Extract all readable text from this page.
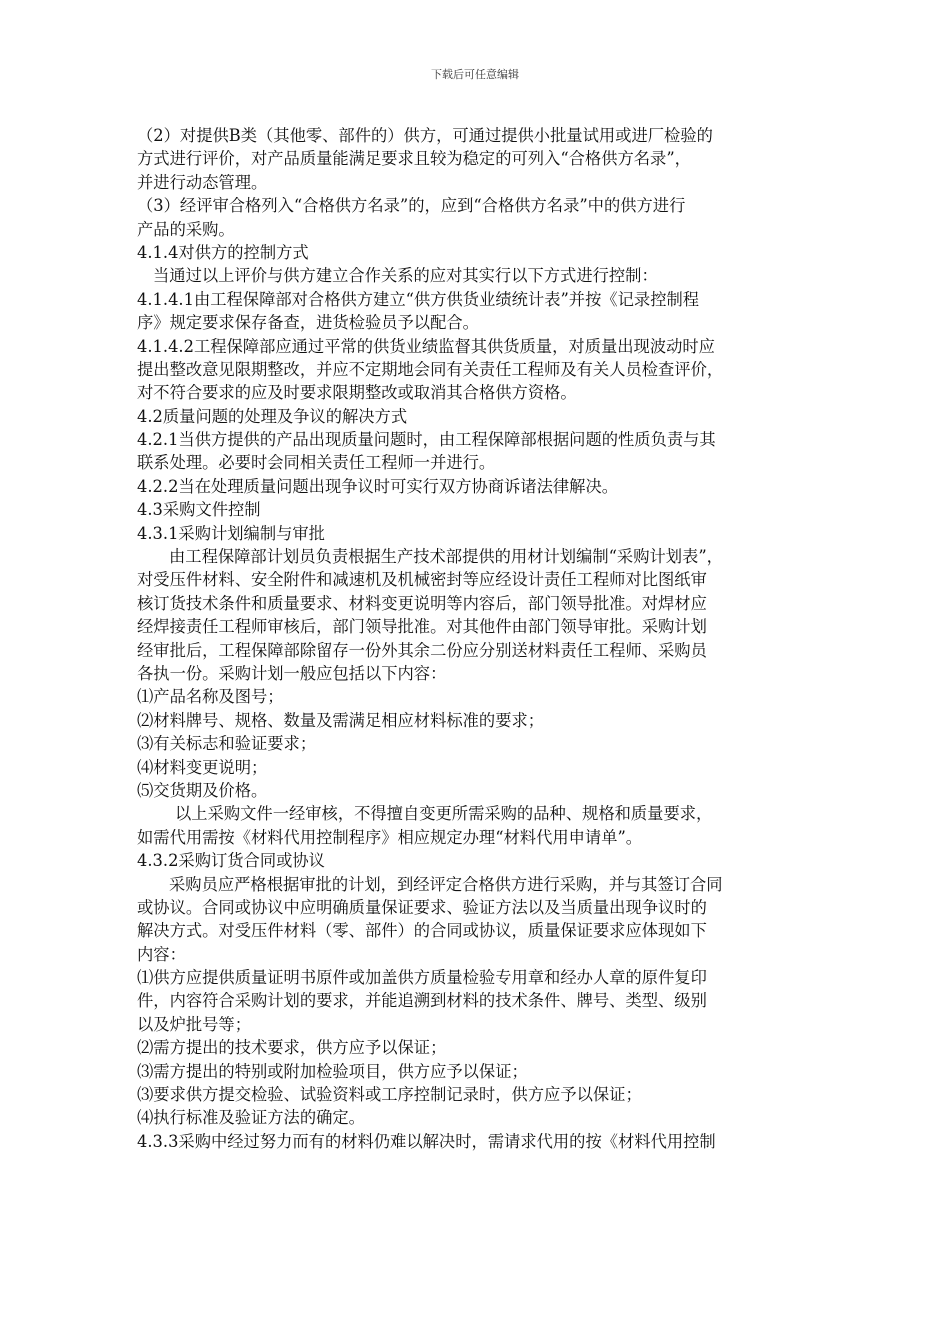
下载后可任意编辑
（2）对提供B类（其他零、部件的）供方，可通过提供小批量试用或进厂检验的
方式进行评价，对产品质量能满足要求且较为稳定的可列入“合格供方名录”，
并进行动态管理。
（3）经评审合格列入“合格供方名录”的，应到“合格供方名录”中的供方进行
产品的采购。
4.1.4对供方的控制方式
当通过以上评价与供方建立合作关系的应对其实行以下方式进行控制：
4.1.4.1由工程保障部对合格供方建立“供方供货业绩统计表”并按《记录控制程
序》规定要求保存备查，进货检验员予以配合。
4.1.4.2工程保障部应通过平常的供货业绩监督其供货质量，对质量出现波动时应
提出整改意见限期整改，并应不定期地会同有关责任工程师及有关人员检查评价，
对不符合要求的应及时要求限期整改或取消其合格供方资格。
4.2质量问题的处理及争议的解决方式
4.2.1当供方提供的产品出现质量问题时，由工程保障部根据问题的性质负责与其
联系处理。必要时会同相关责任工程师一并进行。
4.2.2当在处理质量问题出现争议时可实行双方协商诉诸法律解决。
4.3采购文件控制
4.3.1采购计划编制与审批
由工程保障部计划员负责根据生产技术部提供的用材计划编制“采购计划表”，
对受压件材料、安全附件和减速机及机械密封等应经设计责任工程师对比图纸审
核订货技术条件和质量要求、材料变更说明等内容后，部门领导批准。对焊材应
经焊接责任工程师审核后，部门领导批准。对其他件由部门领导审批。采购计划
经审批后，工程保障部除留存一份外其余二份应分别送材料责任工程师、采购员
各执一份。采购计划一般应包括以下内容：
⑴产品名称及图号；
⑵材料牌号、规格、数量及需满足相应材料标准的要求；
⑶有关标志和验证要求；
⑷材料变更说明；
⑸交货期及价格。
以上采购文件一经审核，不得擅自变更所需采购的品种、规格和质量要求，
如需代用需按《材料代用控制程序》相应规定办理“材料代用申请单”。
4.3.2采购订货合同或协议
采购员应严格根据审批的计划，到经评定合格供方进行采购，并与其签订合同
或协议。合同或协议中应明确质量保证要求、验证方法以及当质量出现争议时的
解决方式。对受压件材料（零、部件）的合同或协议，质量保证要求应体现如下
内容：
⑴供方应提供质量证明书原件或加盖供方质量检验专用章和经办人章的原件复印
件，内容符合采购计划的要求，并能追溯到材料的技术条件、牌号、类型、级别
以及炉批号等；
⑵需方提出的技术要求，供方应予以保证；
⑶需方提出的特别或附加检验项目，供方应予以保证；
⑶要求供方提交检验、试验资料或工序控制记录时，供方应予以保证；
⑷执行标准及验证方法的确定。
4.3.3采购中经过努力而有的材料仍难以解决时，需请求代用的按《材料代用控制
